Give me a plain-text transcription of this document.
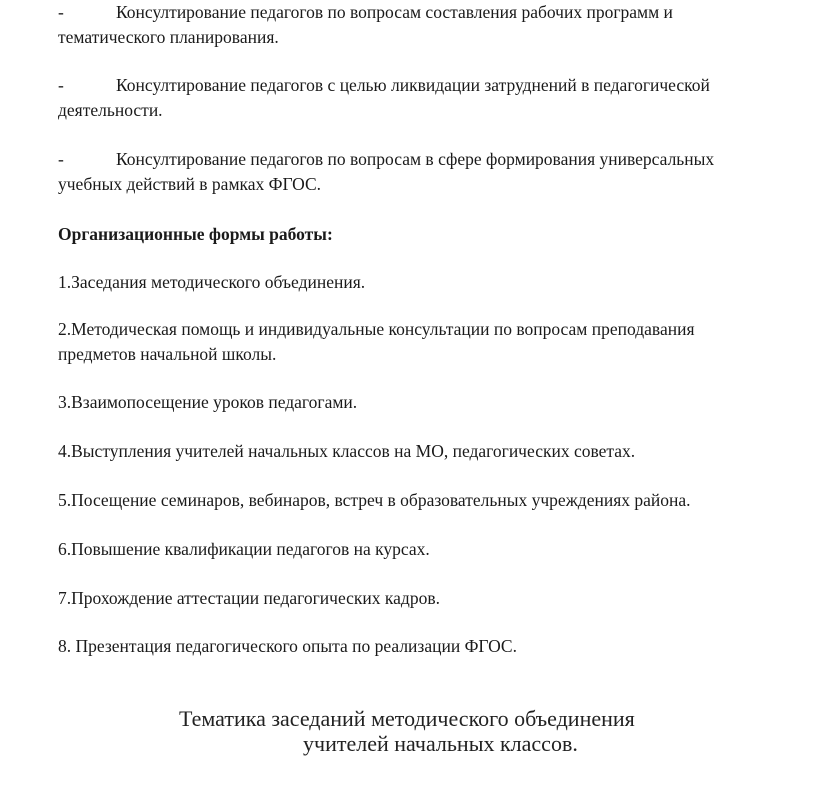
-	Консултирование педагогов по вопросам составления рабочих программ и
тематического планирования.
-	Консултирование педагогов с целью ликвидации затруднений в педагогической
деятельности.
-	Консултирование педагогов по вопросам в сфере формирования универсальных
учебных действий в рамках ФГОС.
Организационные формы работы:
1.Заседания методического объединения.
2.Методическая помощь и индивидуальные консультации по вопросам преподавания
предметов начальной школы.
3.Взаимопосещение уроков педагогами.
4.Выступления учителей начальных классов на МО, педагогических советах.
5.Посещение семинаров, вебинаров, встреч в образовательных учреждениях района.
6.Повышение квалификации педагогов на курсах.
7.Прохождение аттестации педагогических кадров.
8. Презентация педагогического опыта по реализации ФГОС.
Тематика заседаний методического объединения
учителей начальных классов.
